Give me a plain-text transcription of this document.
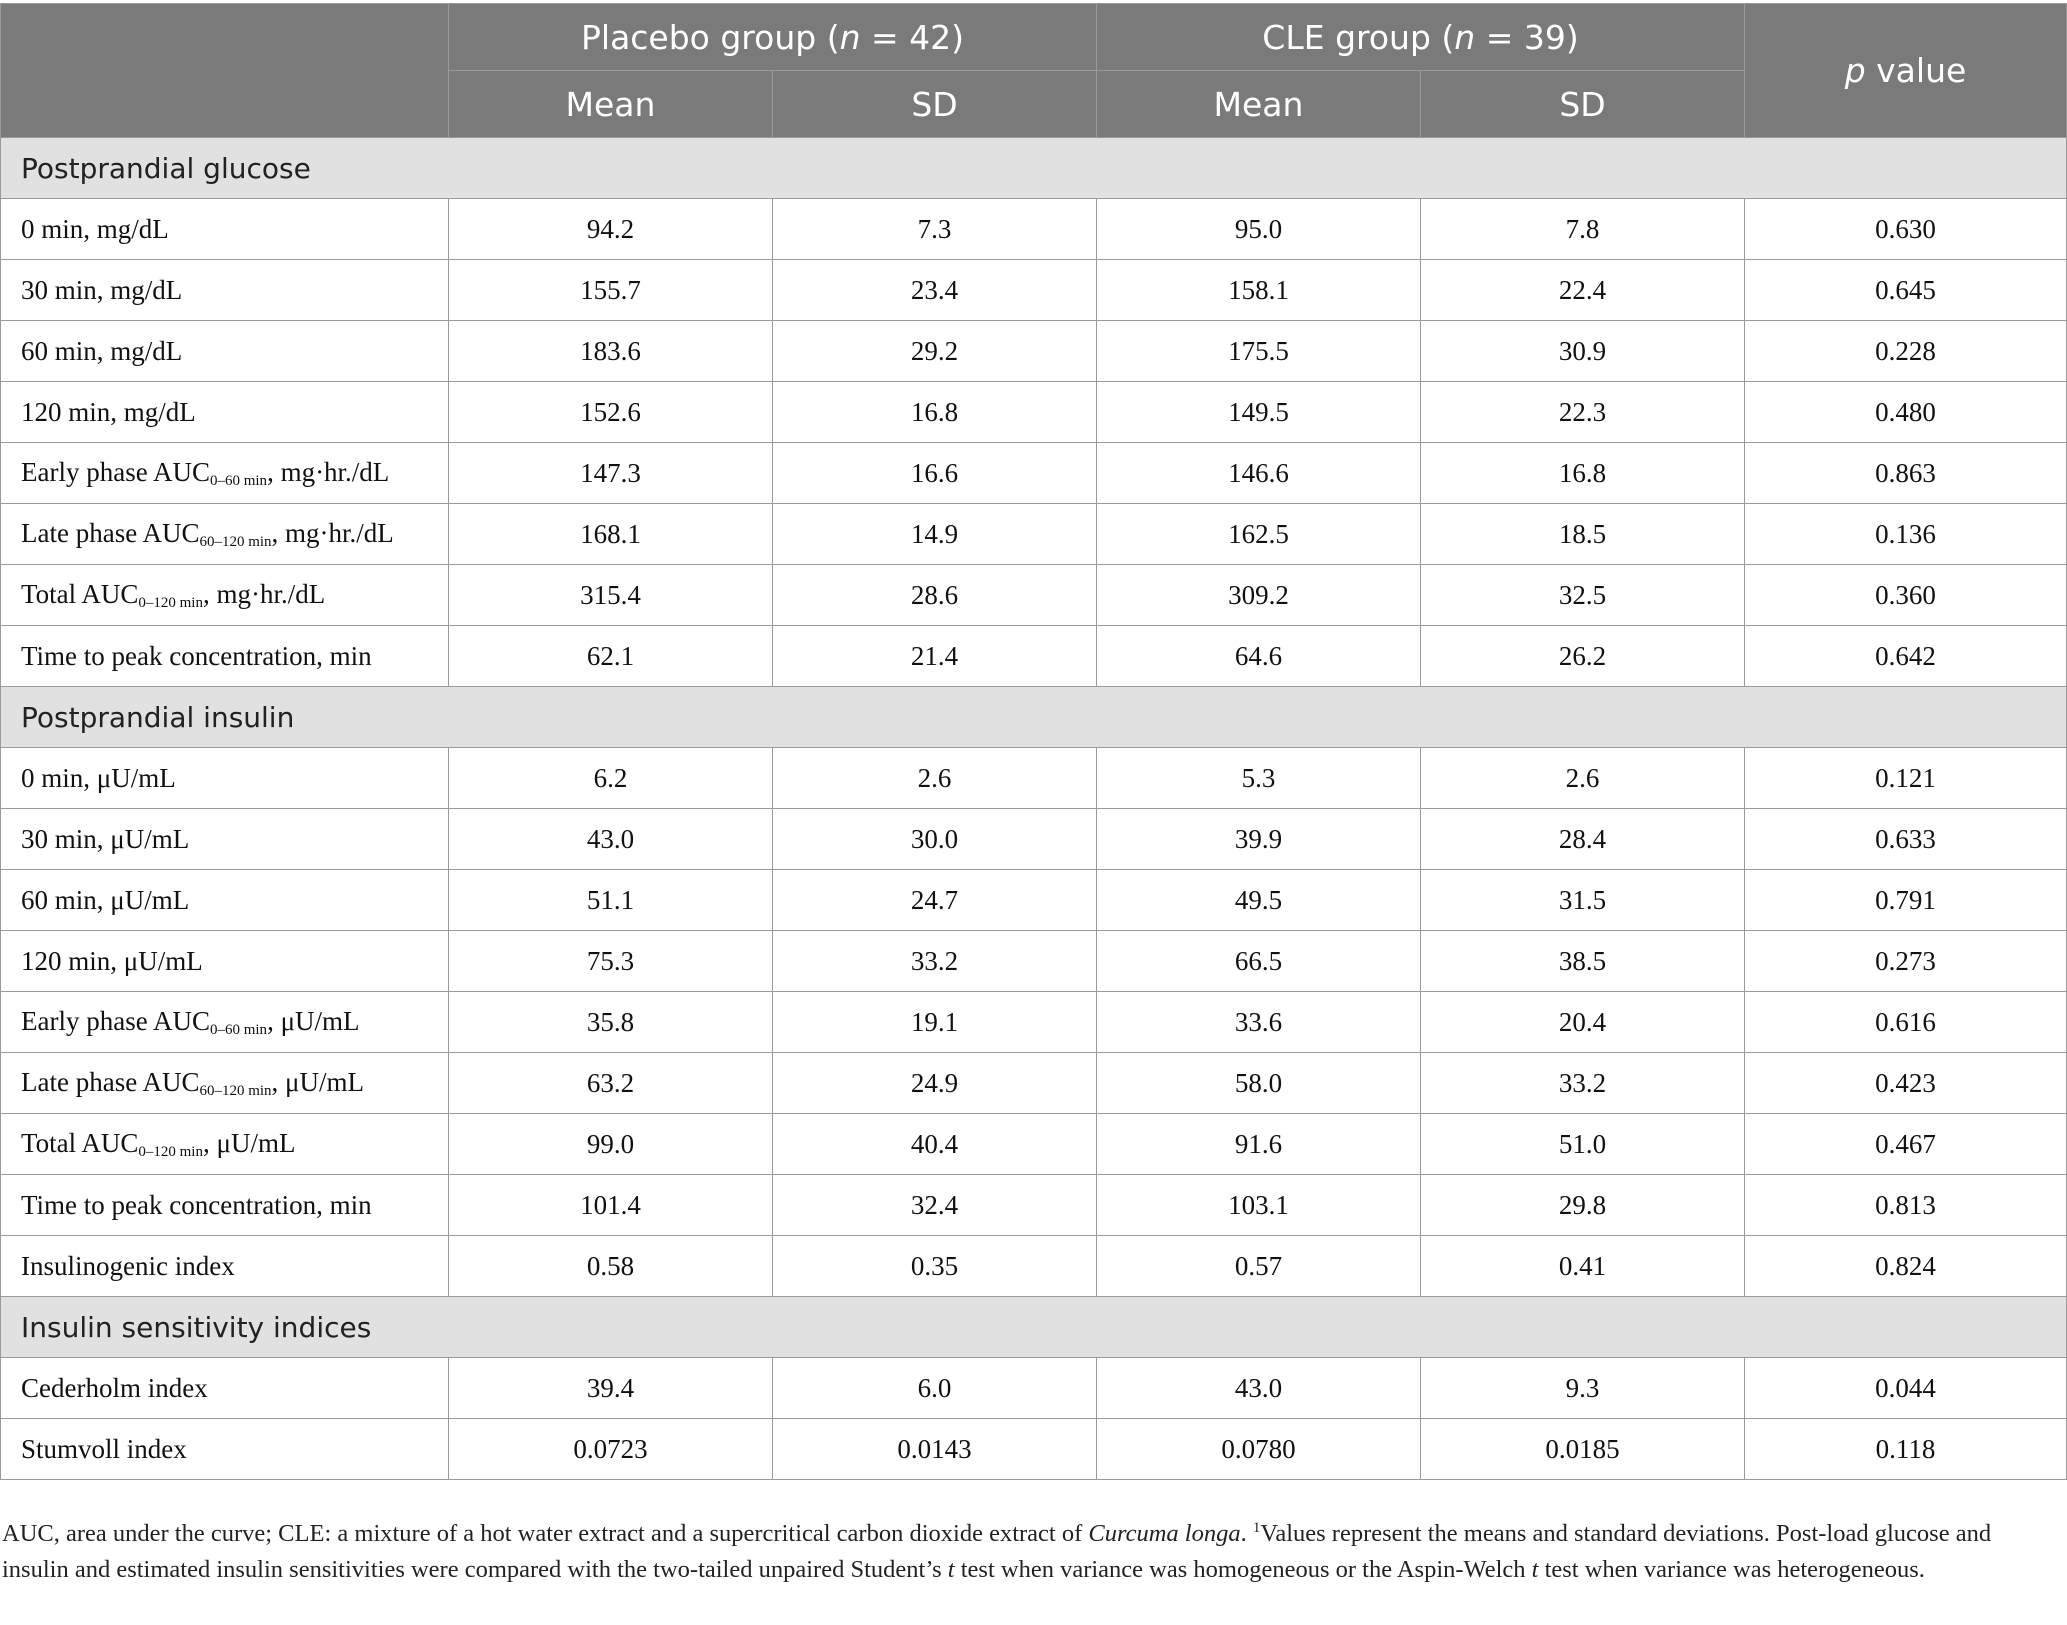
	Placebo group (n = 42)		CLE group (n = 39)		p value
	Mean	SD	Mean	SD	
Postprandial glucose					
0 min, mg/dL	94.2	7.3	95.0	7.8	0.630
30 min, mg/dL	155.7	23.4	158.1	22.4	0.645
60 min, mg/dL	183.6	29.2	175.5	30.9	0.228
120 min, mg/dL	152.6	16.8	149.5	22.3	0.480
Early phase $AUC_{0-60 min}$, mg·hr./dL	147.3	16.6	146.6	16.8	0.863
Late phase $AUC_{60-120 min}$, mg·hr./dL	168.1	14.9	162.5	18.5	0.136
Total $AUC_{0-120 min}$, mg·hr./dL	315.4	28.6	309.2	32.5	0.360
Time to peak concentration, min	62.1	21.4	64.6	26.2	0.642
Postprandial insulin					
0 min, μU/mL	6.2	2.6	5.3	2.6	0.121
30 min, μU/mL	43.0	30.0	39.9	28.4	0.633
60 min, μU/mL	51.1	24.7	49.5	31.5	0.791
120 min, μU/mL	75.3	33.2	66.5	38.5	0.273
Early phase $AUC_{0-60 min}$, μU/mL	35.8	19.1	33.6	20.4	0.616
Late phase $AUC_{60-120 min}$, μU/mL	63.2	24.9	58.0	33.2	0.423
Total $AUC_{0-120 min}$, μU/mL	99.0	40.4	91.6	51.0	0.467
Time to peak concentration, min	101.4	32.4	103.1	29.8	0.813
Insulinogenic index	0.58	0.35	0.57	0.41	0.824
Insulin sensitivity indices					
Cederholm index	39.4	6.0	43.0	9.3	0.044
Stumvoll index	0.0723	0.0143	0.0780	0.0185	0.118
AUC, area under the curve; CLE: a mixture of a hot water extract and a supercritical carbon dioxide extract of Curcuma longa. $^1$Values represent the means and standard deviations. Post-load glucose and insulin and estimated insulin sensitivities were compared with the two-tailed unpaired Student’s t test when variance was homogeneous or the Aspin-Welch t test when variance was heterogeneous.
